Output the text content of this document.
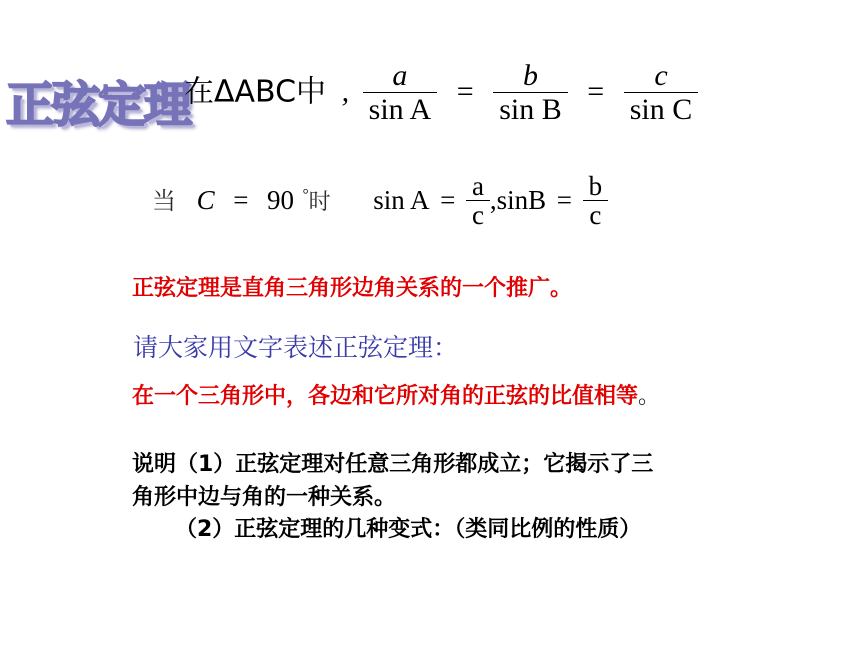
正弦定理
在ΔABC中 , $\frac{a}{\text{sin A}} = \frac{b}{\text{sin B}} = \frac{c}{\text{sin C}}$
当 C = 90 °时 $\sin A = \frac{a}{c} ,\sin B = \frac{b}{c}$
正弦定理是直角三角形边角关系的一个推广。
请大家用文字表述正弦定理：
在一个三角形中，各边和它所对角的正弦的比值相等。
说明（1）正弦定理对任意三角形都成立；它揭示了三
角形中边与角的一种关系。
（2）正弦定理的几种变式：（类同比例的性质）
